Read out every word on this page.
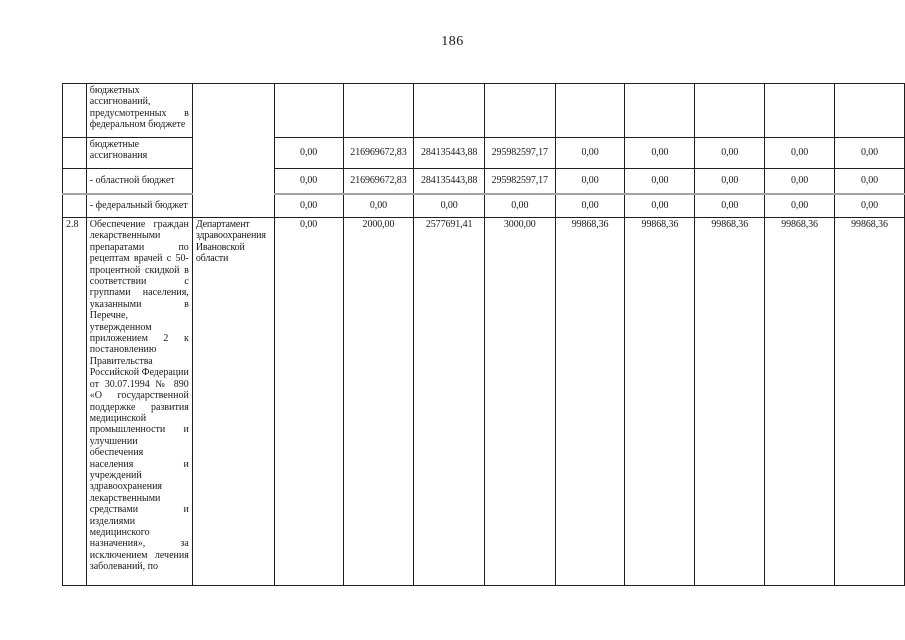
186
	бюджетных ассигнований, предусмотренных в федеральном бюджете										
	бюджетные ассигнования		0,00	216969672,83	284135443,88	295982597,17	0,00	0,00	0,00	0,00	0,00
	- областной бюджет		0,00	216969672,83	284135443,88	295982597,17	0,00	0,00	0,00	0,00	0,00
	- федеральный бюджет		0,00	0,00	0,00	0,00	0,00	0,00	0,00	0,00	0,00
2.8	Обеспечение граждан лекарственными препаратами по рецептам врачей с 50-процентной скидкой в соответствии с группами населения, указанными в Перечне, утвержденном приложением 2 к постановлению Правительства Российской Федерации от 30.07.1994 № 890 «О государственной поддержке развития медицинской промышленности и улучшении обеспечения населения и учреждений здравоохранения лекарственными средствами и изделиями медицинского назначения», за исключением лечения заболеваний, по	Департамент здравоохранения Ивановской области	0,00	2000,00	2577691,41	3000,00	99868,36	99868,36	99868,36	99868,36	99868,36
